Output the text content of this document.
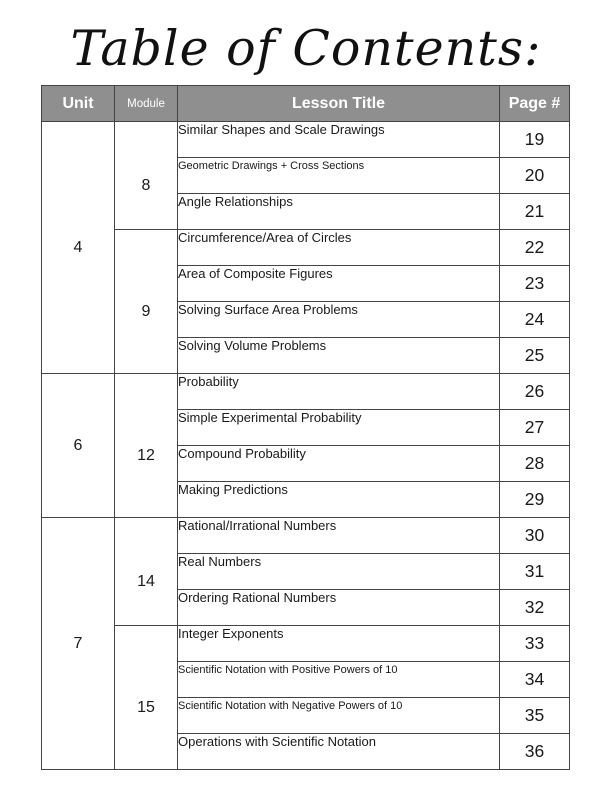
Table of Contents:
Unit	Module	Lesson Title	Page #
4	8	Similar Shapes and Scale Drawings	19
		Geometric Drawings + Cross Sections	20
		Angle Relationships	21
	9	Circumference/Area of Circles	22
		Area of Composite Figures	23
		Solving Surface Area Problems	24
		Solving Volume Problems	25
6	12	Probability	26
		Simple Experimental Probability	27
		Compound Probability	28
		Making Predictions	29
7	14	Rational/Irrational Numbers	30
		Real Numbers	31
		Ordering Rational Numbers	32
	15	Integer Exponents	33
		Scientific Notation with Positive Powers of 10	34
		Scientific Notation with Negative Powers of 10	35
		Operations with Scientific Notation	36
